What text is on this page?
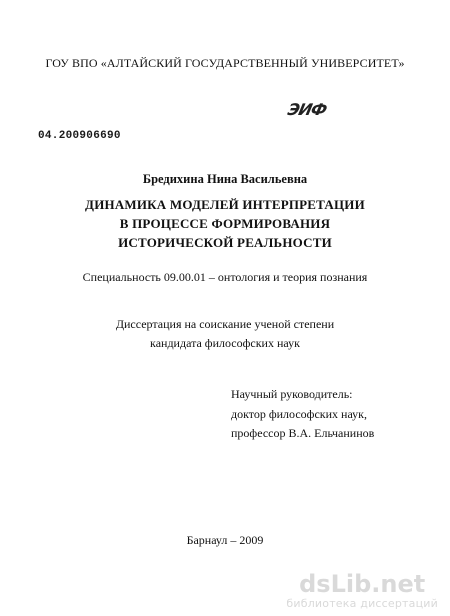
ГОУ ВПО «АЛТАЙСКИЙ ГОСУДАРСТВЕННЫЙ УНИВЕРСИТЕТ»
ЭИФ
04.200906690
Бредихина Нина Васильевна
ДИНАМИКА МОДЕЛЕЙ ИНТЕРПРЕТАЦИИ
В ПРОЦЕССЕ ФОРМИРОВАНИЯ
ИСТОРИЧЕСКОЙ РЕАЛЬНОСТИ
Специальность 09.00.01 – онтология и теория познания
Диссертация на соискание ученой степени
кандидата философских наук
Научный руководитель:
доктор философских наук,
профессор В.А. Ельчанинов
Барнаул – 2009
dsLib.net
библиотека диссертаций
